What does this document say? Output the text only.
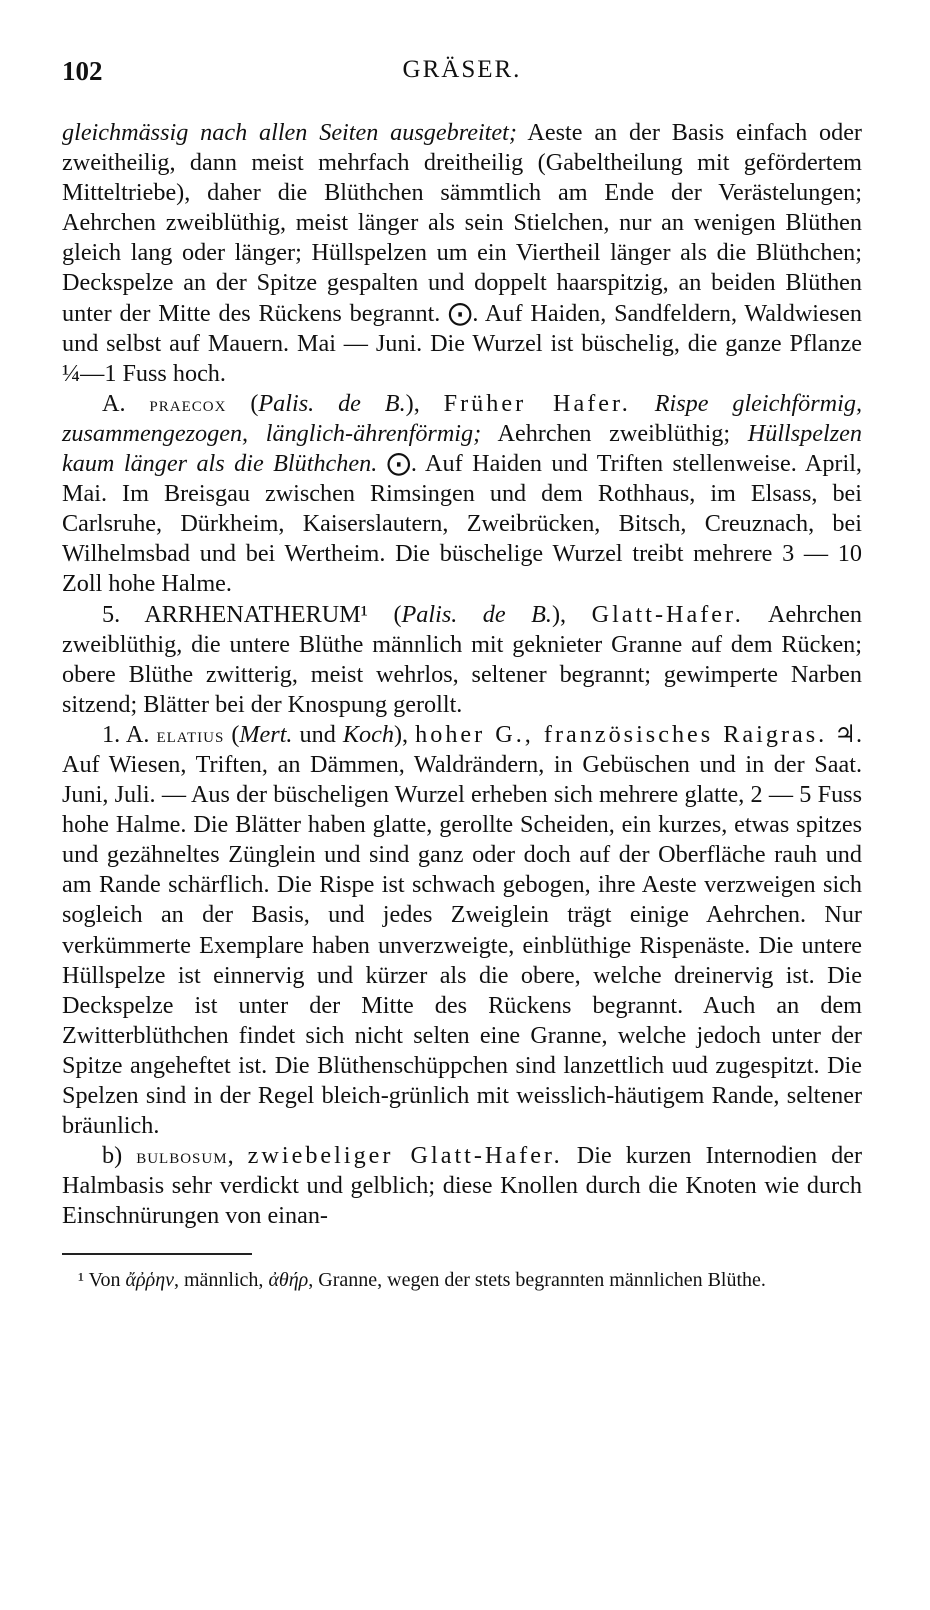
102	GRÄSER.

gleichmässig nach allen Seiten ausgebreitet; Aeste an der Basis einfach oder zweitheilig, dann meist mehrfach dreitheilig (Gabeltheilung mit gefördertem Mitteltriebe), daher die Blüthchen sämmtlich am Ende der Verästelungen; Aehrchen zweiblüthig, meist länger als sein Stielchen, nur an wenigen Blüthen gleich lang oder länger; Hüllspelzen um ein Viertheil länger als die Blüthchen; Deckspelze an der Spitze gespalten und doppelt haarspitzig, an beiden Blüthen unter der Mitte des Rückens begrannt. ⨀. Auf Haiden, Sandfeldern, Waldwiesen und selbst auf Mauern. Mai — Juni. Die Wurzel ist büschelig, die ganze Pflanze ¼—1 Fuss hoch.

A. praecox (Palis. de B.), Früher Hafer. Rispe gleichförmig, zusammengezogen, länglich-ährenförmig; Aehrchen zweiblüthig; Hüllspelzen kaum länger als die Blüthchen. ⨀. Auf Haiden und Triften stellenweise. April, Mai. Im Breisgau zwischen Rimsingen und dem Rothhaus, im Elsass, bei Carlsruhe, Dürkheim, Kaiserslautern, Zweibrücken, Bitsch, Creuznach, bei Wilhelmsbad und bei Wertheim. Die büschelige Wurzel treibt mehrere 3 — 10 Zoll hohe Halme.

5. ARRHENATHERUM¹ (Palis. de B.), Glatt-Hafer. Aehrchen zweiblüthig, die untere Blüthe männlich mit geknieter Granne auf dem Rücken; obere Blüthe zwitterig, meist wehrlos, seltener begrannt; gewimperte Narben sitzend; Blätter bei der Knospung gerollt.

1. A. elatius (Mert. und Koch), hoher G., französisches Raigras. ♃. Auf Wiesen, Triften, an Dämmen, Waldrändern, in Gebüschen und in der Saat. Juni, Juli. — Aus der büscheligen Wurzel erheben sich mehrere glatte, 2 — 5 Fuss hohe Halme. Die Blätter haben glatte, gerollte Scheiden, ein kurzes, etwas spitzes und gezähneltes Zünglein und sind ganz oder doch auf der Oberfläche rauh und am Rande schärflich. Die Rispe ist schwach gebogen, ihre Aeste verzweigen sich sogleich an der Basis, und jedes Zweiglein trägt einige Aehrchen. Nur verkümmerte Exemplare haben unverzweigte, einblüthige Rispenäste. Die untere Hüllspelze ist einnervig und kürzer als die obere, welche dreinervig ist. Die Deckspelze ist unter der Mitte des Rückens begrannt. Auch an dem Zwitterblüthchen findet sich nicht selten eine Granne, welche jedoch unter der Spitze angeheftet ist. Die Blüthenschüppchen sind lanzettlich uud zugespitzt. Die Spelzen sind in der Regel bleich-grünlich mit weisslich-häutigem Rande, seltener bräunlich.

b) bulbosum, zwiebeliger Glatt-Hafer. Die kurzen Internodien der Halmbasis sehr verdickt und gelblich; diese Knollen durch die Knoten wie durch Einschnürungen von einan-

¹ Von ἄῤῥην, männlich, ἀθήρ, Granne, wegen der stets begrannten männlichen Blüthe.
